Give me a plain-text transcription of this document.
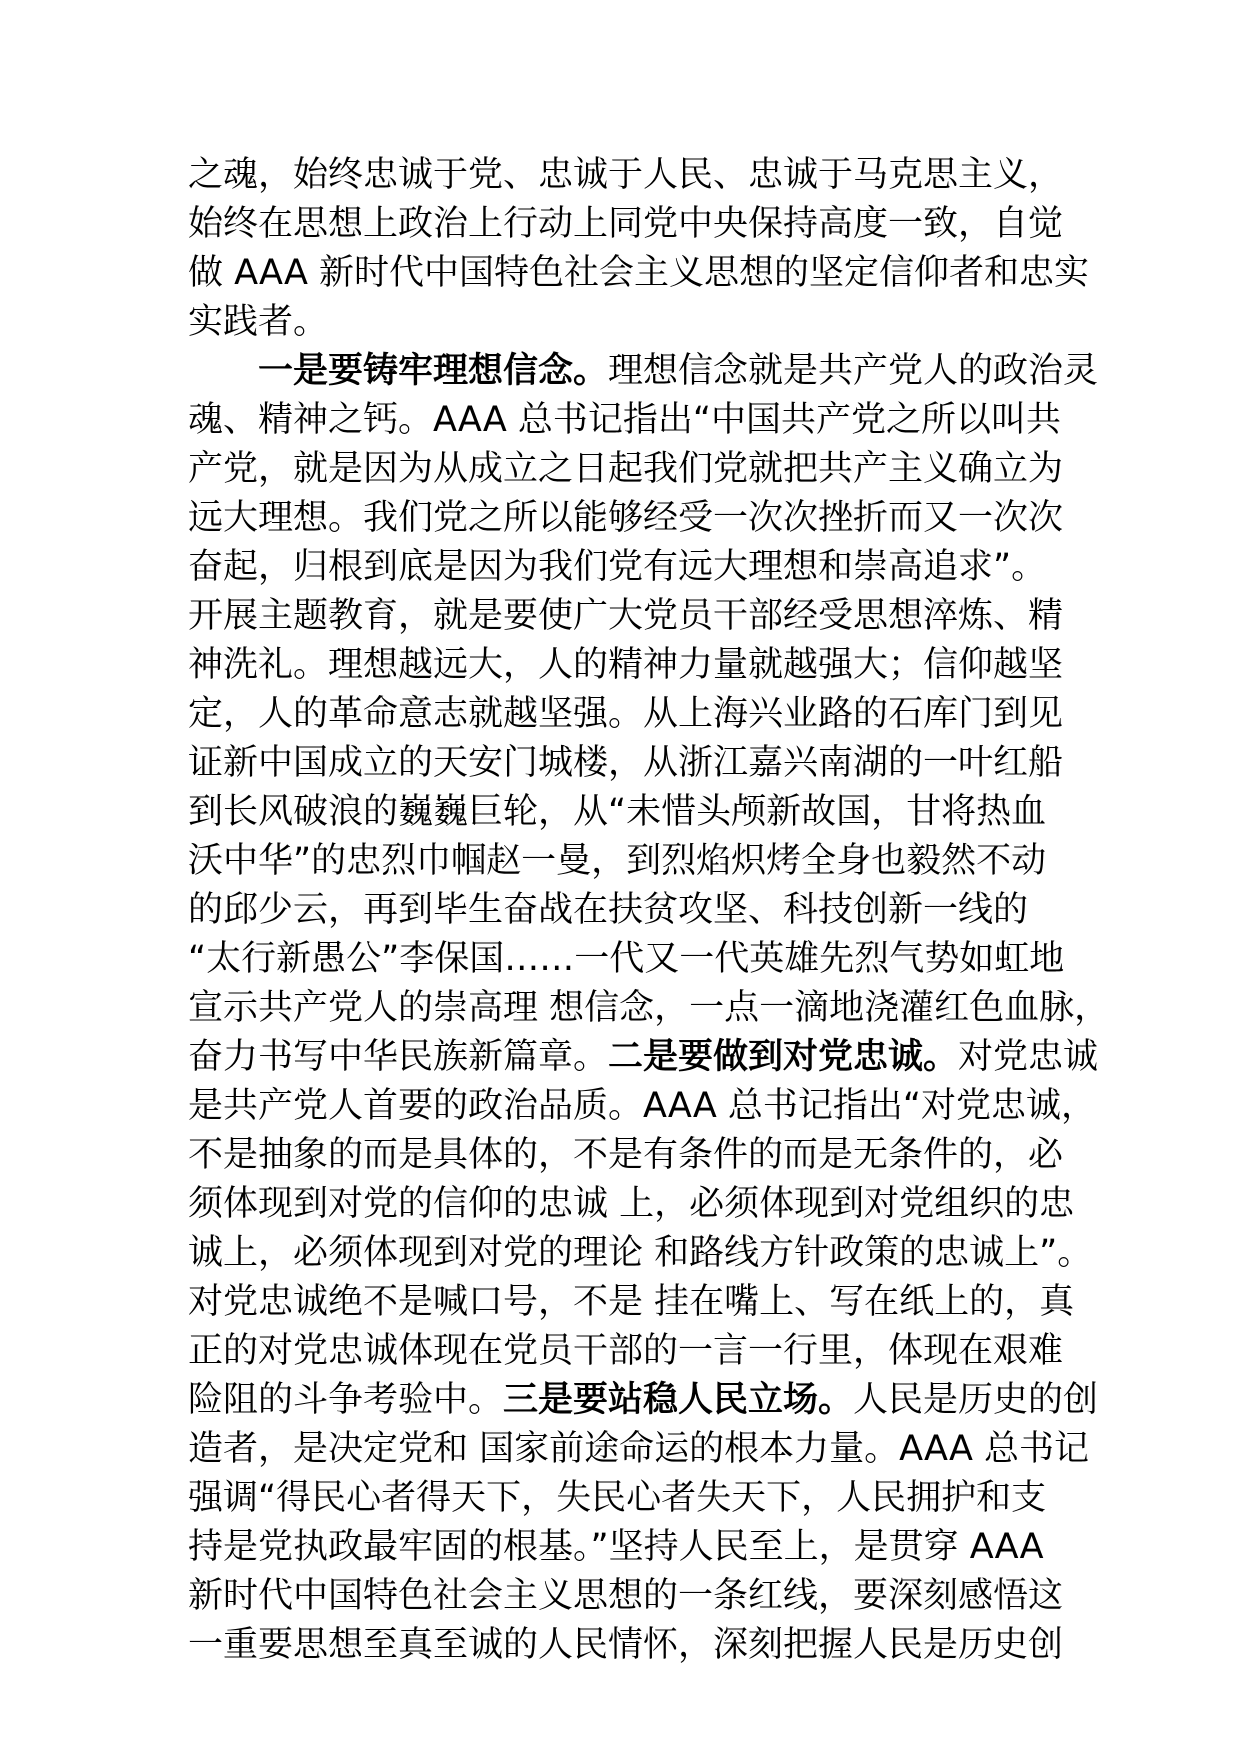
之魂，始终忠诚于党、忠诚于人民、忠诚于马克思主义，
始终在思想上政治上行动上同党中央保持高度一致，自觉
做 AAA 新时代中国特色社会主义思想的坚定信仰者和忠实
实践者。
一是要铸牢理想信念。理想信念就是共产党人的政治灵
魂、精神之钙。AAA 总书记指出“中国共产党之所以叫共
产党，就是因为从成立之日起我们党就把共产主义确立为
远大理想。我们党之所以能够经受一次次挫折而又一次次
奋起，归根到底是因为我们党有远大理想和崇高追求”。
开展主题教育，就是要使广大党员干部经受思想淬炼、精
神洗礼。理想越远大，人的精神力量就越强大；信仰越坚
定，人的革命意志就越坚强。从上海兴业路的石库门到见
证新中国成立的天安门城楼，从浙江嘉兴南湖的一叶红船
到长风破浪的巍巍巨轮，从“未惜头颅新故国，甘将热血
沃中华”的忠烈巾帼赵一曼，到烈焰炽烤全身也毅然不动
的邱少云，再到毕生奋战在扶贫攻坚、科技创新一线的
“太行新愚公”李保国……一代又一代英雄先烈气势如虹地
宣示共产党人的崇高理 想信念，一点一滴地浇灌红色血脉，
奋力书写中华民族新篇章。二是要做到对党忠诚。对党忠诚
是共产党人首要的政治品质。AAA 总书记指出“对党忠诚，
不是抽象的而是具体的，不是有条件的而是无条件的，必
须体现到对党的信仰的忠诚 上，必须体现到对党组织的忠
诚上，必须体现到对党的理论 和路线方针政策的忠诚上”。
对党忠诚绝不是喊口号，不是 挂在嘴上、写在纸上的，真
正的对党忠诚体现在党员干部的一言一行里，体现在艰难
险阻的斗争考验中。三是要站稳人民立场。人民是历史的创
造者，是决定党和 国家前途命运的根本力量。AAA 总书记
强调“得民心者得天下，失民心者失天下，人民拥护和支
持是党执政最牢固的根基。”坚持人民至上，是贯穿 AAA
新时代中国特色社会主义思想的一条红线，要深刻感悟这
一重要思想至真至诚的人民情怀，深刻把握人民是历史创
